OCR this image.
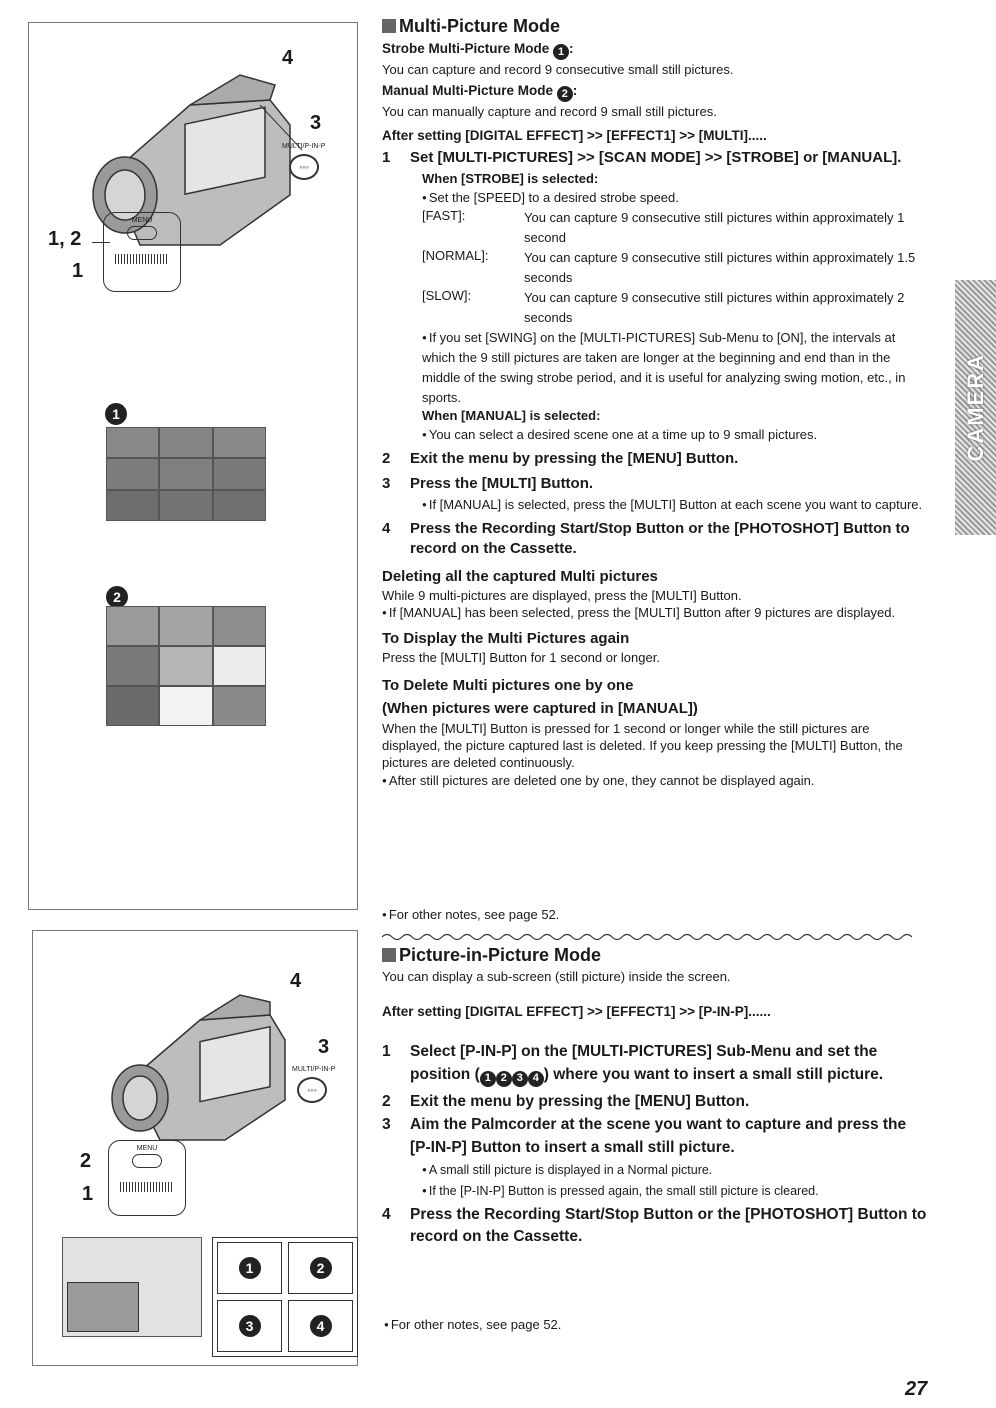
4
3
MULTI/P-IN-P
◦◦◦
1, 2
1
MENU
1
2
4
3
MULTI/P-IN-P
◦◦◦
2
1
MENU
1	2
3	4
Multi-Picture Mode
Strobe Multi-Picture Mode 1 :
You can capture and record 9 consecutive small still pictures.
Manual Multi-Picture Mode 2 :
You can manually capture and record 9 small still pictures.
After setting [DIGITAL EFFECT] >> [EFFECT1] >> [MULTI].....
1	Set [MULTI-PICTURES] >> [SCAN MODE] >> [STROBE] or [MANUAL].
When [STROBE] is selected:
● Set the [SPEED] to a desired strobe speed.
[FAST]:	You can capture 9 consecutive still pictures within approximately 1 second
[NORMAL]:	You can capture 9 consecutive still pictures within approximately 1.5 seconds
[SLOW]:	You can capture 9 consecutive still pictures within approximately 2 seconds
● If you set [SWING] on the [MULTI-PICTURES] Sub-Menu to [ON], the intervals at which the 9 still pictures are taken are longer at the beginning and end than in the middle of the swing strobe period, and it is useful for analyzing swing motion, etc., in sports.
When [MANUAL] is selected:
● You can select a desired scene one at a time up to 9 small pictures.
2	Exit the menu by pressing the [MENU] Button.
3	Press the [MULTI] Button.
● If [MANUAL] is selected, press the [MULTI] Button at each scene you want to capture.
4	Press the Recording Start/Stop Button or the [PHOTOSHOT] Button to record on the Cassette.
Deleting all the captured Multi pictures
While 9 multi-pictures are displayed, press the [MULTI] Button.
● If [MANUAL] has been selected, press the [MULTI] Button after 9 pictures are displayed.
To Display the Multi Pictures again
Press the [MULTI] Button for 1 second or longer.
To Delete Multi pictures one by one
(When pictures were captured in [MANUAL])
When the [MULTI] Button is pressed for 1 second or longer while the still pictures are displayed, the picture captured last is deleted. If you keep pressing the [MULTI] Button, the pictures are deleted continuously.
● After still pictures are deleted one by one, they cannot be displayed again.
● For other notes, see page 52.
Picture-in-Picture Mode
You can display a sub-screen (still picture) inside the screen.
After setting [DIGITAL EFFECT] >> [EFFECT1] >> [P-IN-P]......
1	Select [P-IN-P] on the [MULTI-PICTURES] Sub-Menu and set the position ( 1 2 3 4 ) where you want to insert a small still picture.
2	Exit the menu by pressing the [MENU] Button.
3	Aim the Palmcorder at the scene you want to capture and press the [P-IN-P] Button to insert a small still picture.
● A small still picture is displayed in a Normal picture.
● If the [P-IN-P] Button is pressed again, the small still picture is cleared.
4	Press the Recording Start/Stop Button or the [PHOTOSHOT] Button to record on the Cassette.
● For other notes, see page 52.
CAMERA
27
